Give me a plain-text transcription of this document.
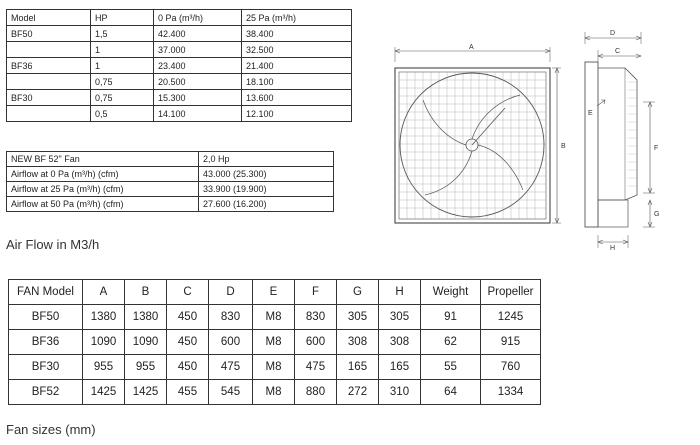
Model	HP	0 Pa (m³/h)	25 Pa (m³/h)
BF50	1,5	42.400	38.400
	1	37.000	32.500
BF36	1	23.400	21.400
	0,75	20.500	18.100
BF30	0,75	15.300	13.600
	0,5	14.100	12.100
NEW BF 52" Fan	2,0 Hp
Airflow at 0 Pa (m³/h) (cfm)	43.000 (25.300)
Airflow at 25 Pa (m³/h) (cfm)	33.900 (19.900)
Airflow at 50 Pa (m³/h) (cfm)	27.600 (16.200)
Air Flow in M3/h
FAN Model	A	B	C	D	E	F	G	H	Weight	Propeller
BF50	1380	1380	450	830	M8	830	305	305	91	1245
BF36	1090	1090	450	600	M8	600	308	308	62	915
BF30	955	955	450	475	M8	475	165	165	55	760
BF52	1425	1425	455	545	M8	880	272	310	64	1334
Fan sizes (mm)
A
B
D
C
E
F
G
H
